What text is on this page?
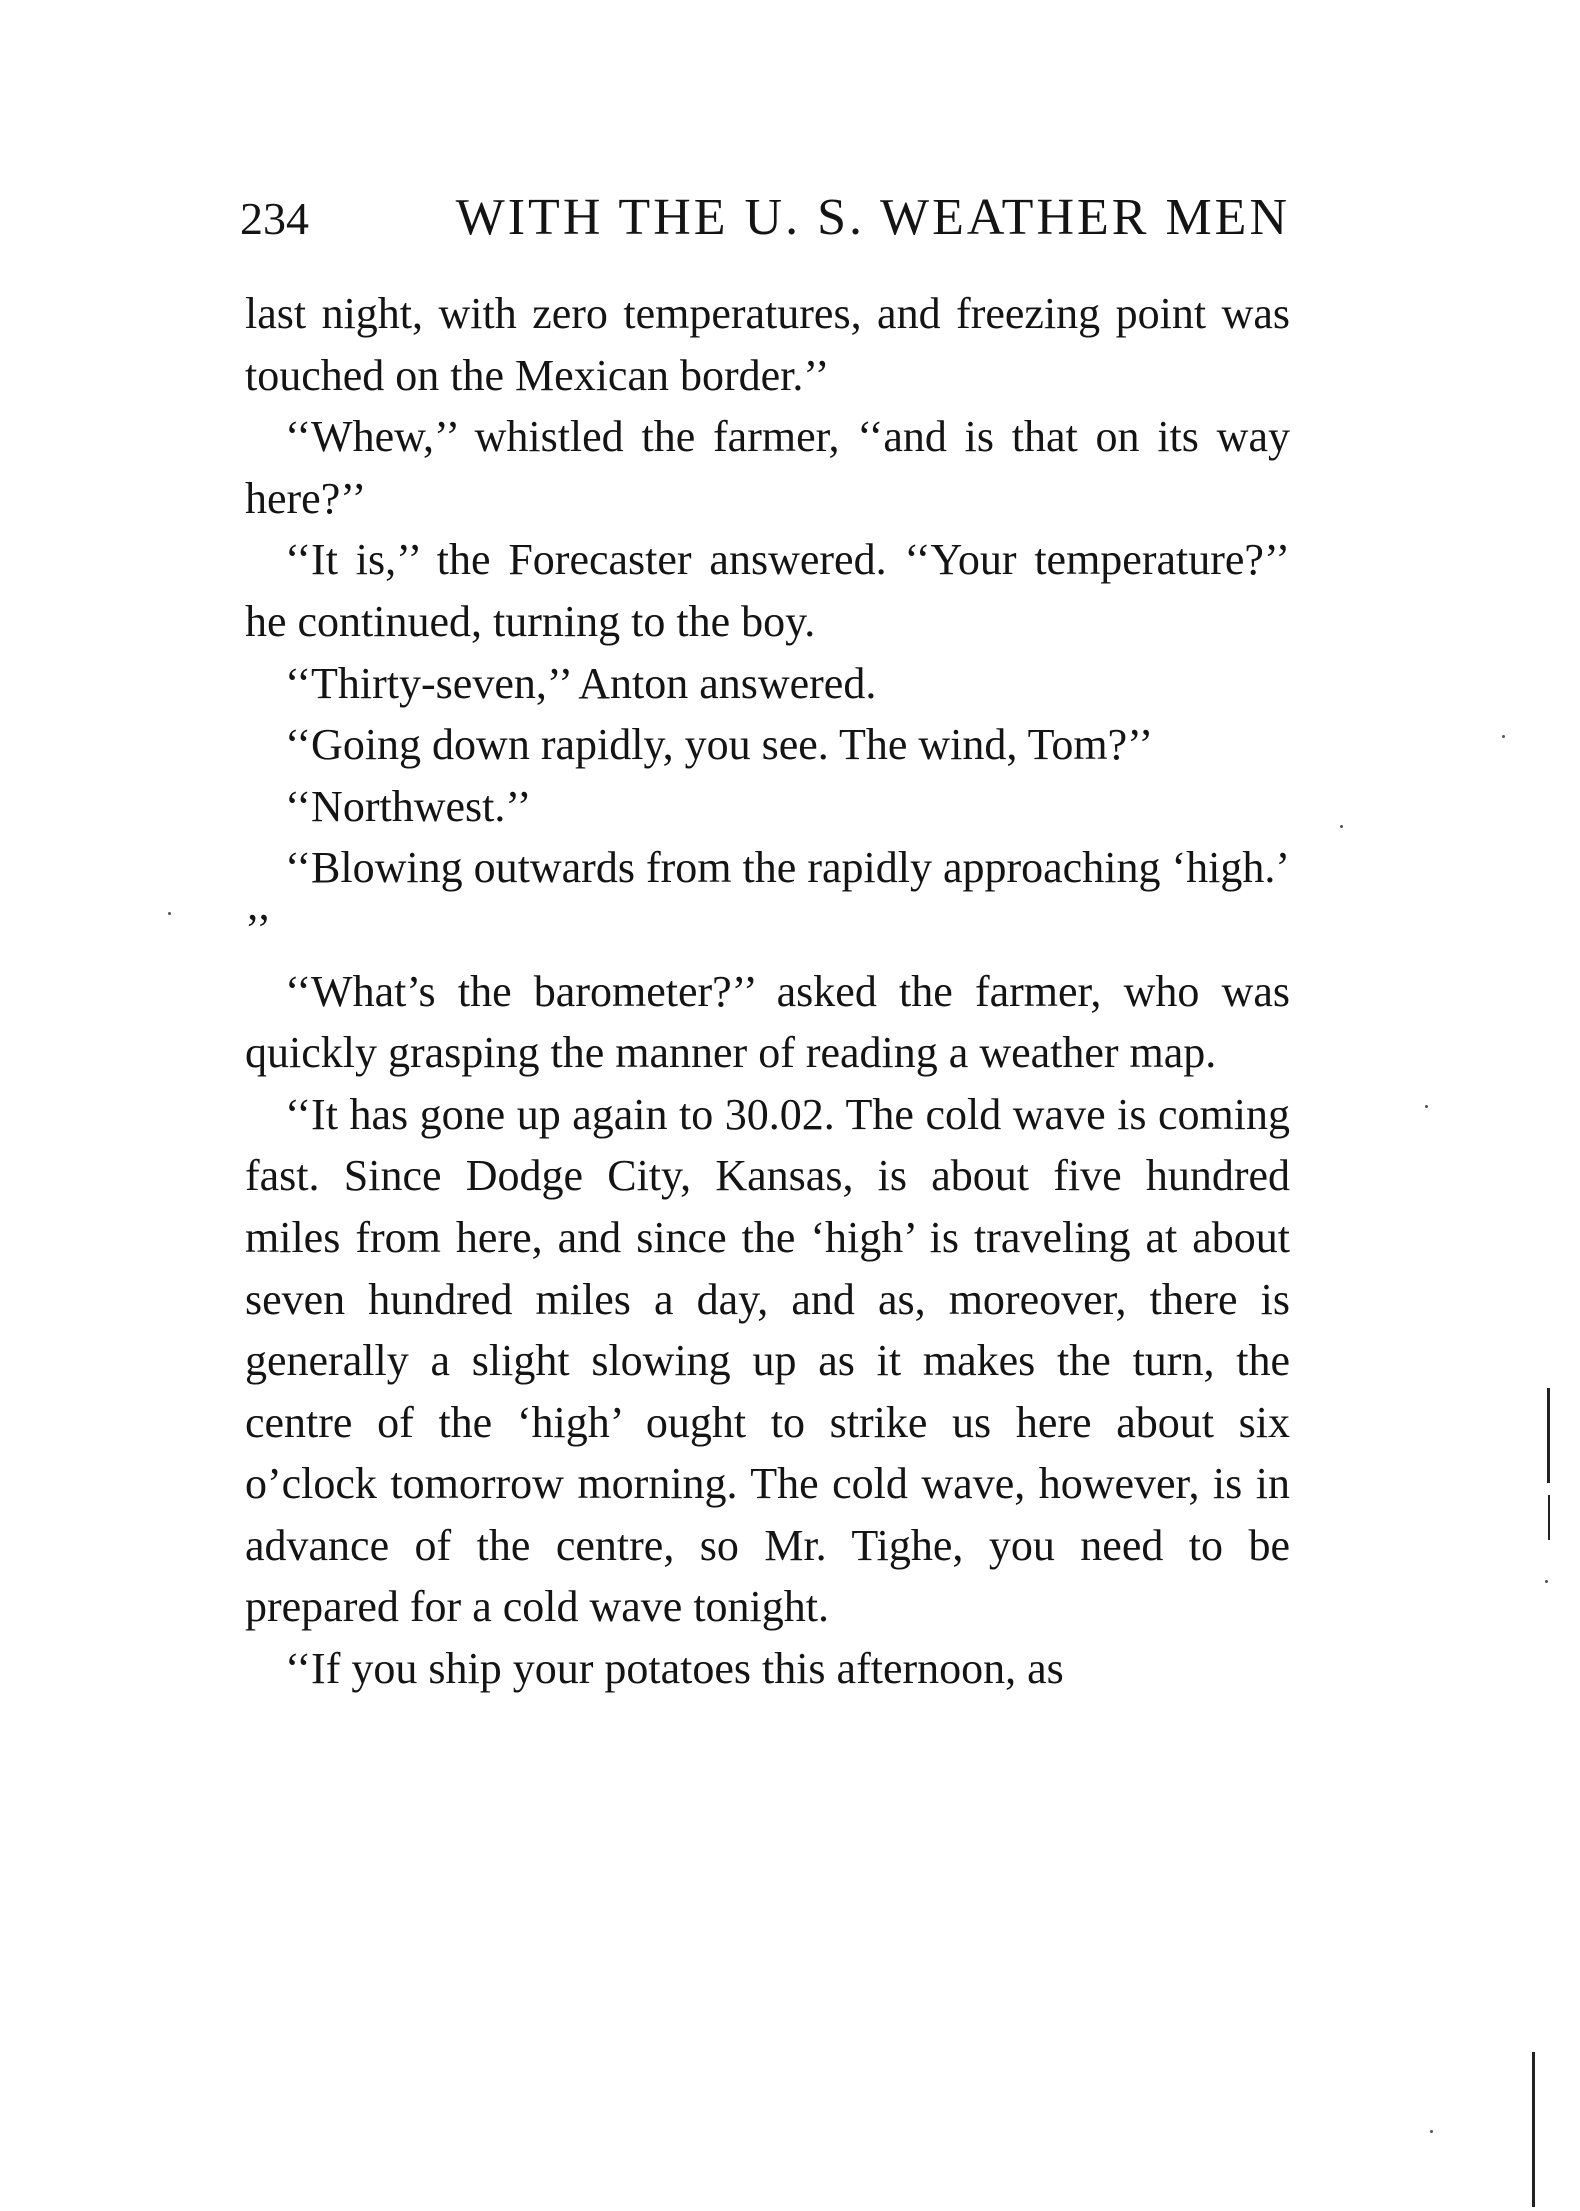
234	WITH THE U. S. WEATHER MEN

last night, with zero temperatures, and freezing point was touched on the Mexican border.’’

‘‘Whew,’’ whistled the farmer, ‘‘and is that on its way here?’’

‘‘It is,’’ the Forecaster answered. ‘‘Your temperature?’’ he continued, turning to the boy.

‘‘Thirty-seven,’’ Anton answered.

‘‘Going down rapidly, you see. The wind, Tom?’’

‘‘Northwest.’’

‘‘Blowing outwards from the rapidly approaching ‘high.’ ’’

‘‘What’s the barometer?’’ asked the farmer, who was quickly grasping the manner of reading a weather map.

‘‘It has gone up again to 30.02. The cold wave is coming fast. Since Dodge City, Kansas, is about five hundred miles from here, and since the ‘high’ is traveling at about seven hundred miles a day, and as, moreover, there is generally a slight slowing up as it makes the turn, the centre of the ‘high’ ought to strike us here about six o’clock tomorrow morning. The cold wave, however, is in advance of the centre, so Mr. Tighe, you need to be prepared for a cold wave tonight.

‘‘If you ship your potatoes this afternoon, as
